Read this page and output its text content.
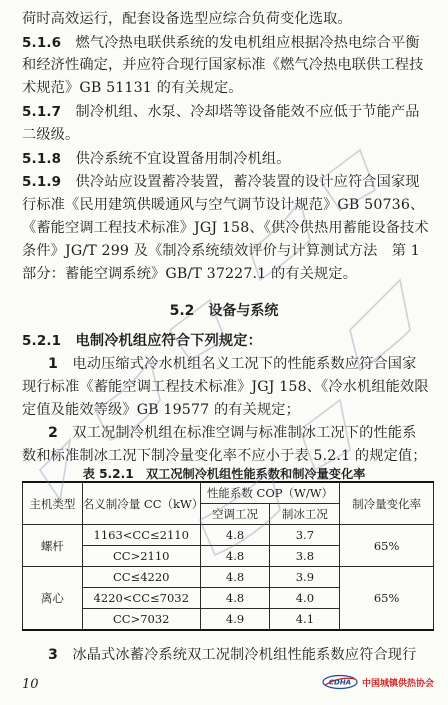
荷时高效运行，配套设备选型应综合负荷变化选取。
5.1.6　 燃气冷热电联供系统的发电机组应根据冷热电综合平衡
和经济性确定，并应符合现行国家标准《燃气冷热电联供工程技
术规范》GB 51131 的有关规定。
5.1.7　 制冷机组、水泵、冷却塔等设备能效不应低于节能产品
二级级。
5.1.8　 供冷系统不宜设置备用制冷机组。
5.1.9　 供冷站应设置蓄冷装置，蓄冷装置的设计应符合国家现
行标准《民用建筑供暖通风与空气调节设计规范》GB 50736、
《蓄能空调工程技术标准》JGJ 158、《供冷供热用蓄能设备技术
条件》JG/T 299 及《制冷系统绩效评价与计算测试方法　第 1
部分：蓄能空调系统》GB/T 37227.1 的有关规定。
5.2　设备与系统
5.2.1　 电制冷机组应符合下列规定：
1　 电动压缩式冷水机组名义工况下的性能系数应符合国家
现行标准《蓄能空调工程技术标准》JGJ 158、《冷水机组能效限
定值及能效等级》GB 19577 的有关规定；
2　 双工况制冷机组在标准空调与标准制冰工况下的性能系
数和标准制冰工况下制冷量变化率不应小于表 5.2.1 的规定值；
表 5.2.1　双工况制冷机组性能系数和制冷量变化率
主机类型	名义制冷量 CC（kW）	性能系数 COP（W/W）		制冷量变化率
		空调工况	制冰工况	
螺杆	1163<CC≤2110	4.8	3.7	65%
	CC>2110	4.8	3.8	
离心	CC≤4220	4.8	3.9	65%
	4220<CC≤7032	4.8	4.0	
	CC>7032	4.9	4.1	
3　 冰晶式冰蓄冷系统双工况制冷机组性能系数应符合现行
10	CDHA 中国城镇供热协会
